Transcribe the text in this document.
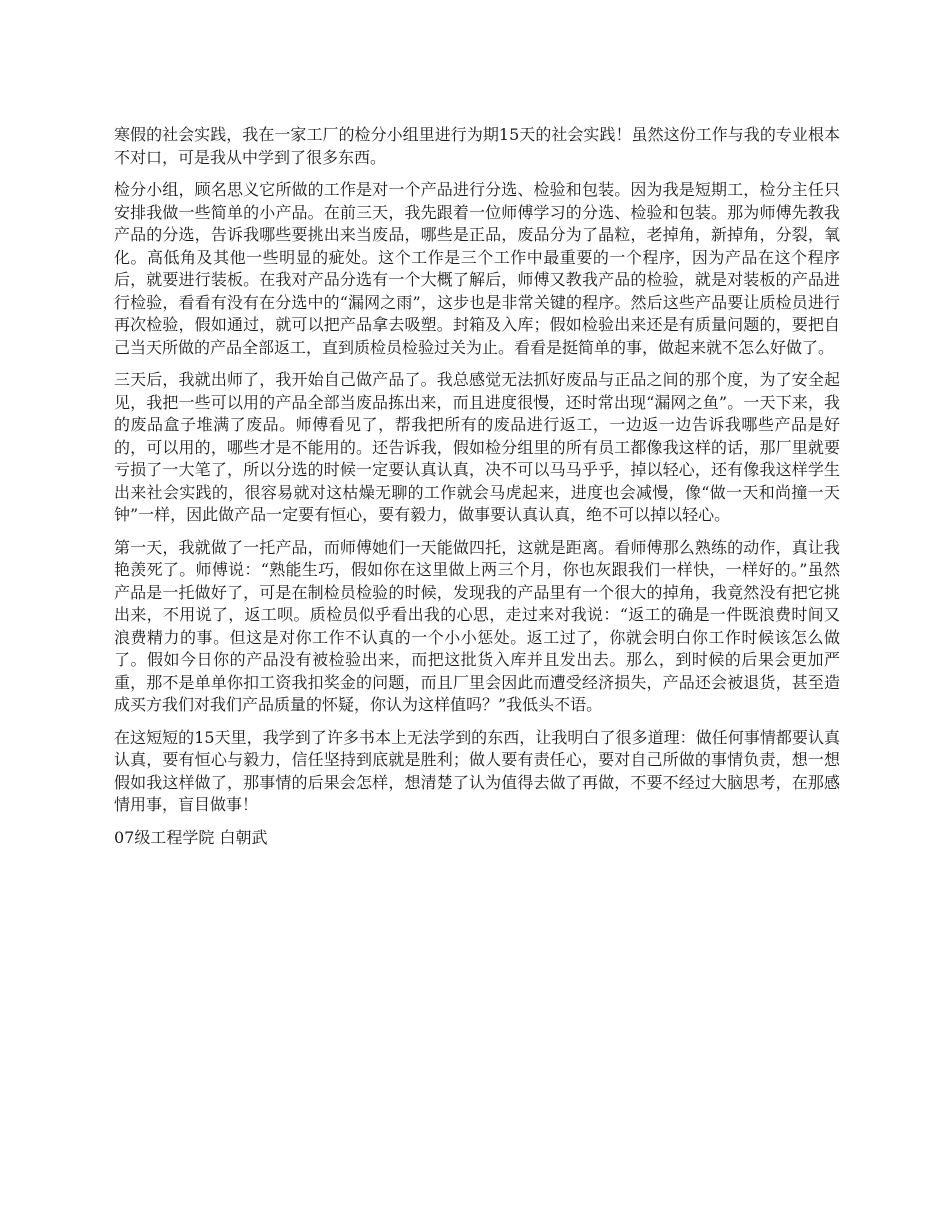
寒假的社会实践，我在一家工厂的检分小组里进行为期15天的社会实践！虽然这份工作与我的专业根本不对口，可是我从中学到了很多东西。

检分小组，顾名思义它所做的工作是对一个产品进行分选、检验和包装。因为我是短期工，检分主任只安排我做一些简单的小产品。在前三天，我先跟着一位师傅学习的分选、检验和包装。那为师傅先教我产品的分选，告诉我哪些要挑出来当废品，哪些是正品，废品分为了晶粒，老掉角，新掉角，分裂，氧化。高低角及其他一些明显的疵处。这个工作是三个工作中最重要的一个程序，因为产品在这个程序后，就要进行装板。在我对产品分选有一个大概了解后，师傅又教我产品的检验，就是对装板的产品进行检验，看看有没有在分选中的“漏网之雨”，这步也是非常关键的程序。然后这些产品要让质检员进行再次检验，假如通过，就可以把产品拿去吸塑。封箱及入库；假如检验出来还是有质量问题的，要把自己当天所做的产品全部返工，直到质检员检验过关为止。看看是挺简单的事，做起来就不怎么好做了。

三天后，我就出师了，我开始自己做产品了。我总感觉无法抓好废品与正品之间的那个度，为了安全起见，我把一些可以用的产品全部当废品拣出来，而且进度很慢，还时常出现“漏网之鱼”。一天下来，我的废品盒子堆满了废品。师傅看见了，帮我把所有的废品进行返工，一边返一边告诉我哪些产品是好的，可以用的，哪些才是不能用的。还告诉我，假如检分组里的所有员工都像我这样的话，那厂里就要亏损了一大笔了，所以分选的时候一定要认真认真，决不可以马马乎乎，掉以轻心，还有像我这样学生出来社会实践的，很容易就对这枯燥无聊的工作就会马虎起来，进度也会减慢，像“做一天和尚撞一天钟”一样，因此做产品一定要有恒心，要有毅力，做事要认真认真，绝不可以掉以轻心。

第一天，我就做了一托产品，而师傅她们一天能做四托，这就是距离。看师傅那么熟练的动作，真让我艳羡死了。师傅说：“熟能生巧，假如你在这里做上两三个月，你也灰跟我们一样快，一样好的。”虽然产品是一托做好了，可是在制检员检验的时候，发现我的产品里有一个很大的掉角，我竟然没有把它挑出来，不用说了，返工呗。质检员似乎看出我的心思，走过来对我说：“返工的确是一件既浪费时间又浪费精力的事。但这是对你工作不认真的一个小小惩处。返工过了，你就会明白你工作时候该怎么做了。假如今日你的产品没有被检验出来，而把这批货入库并且发出去。那么，到时候的后果会更加严重，那不是单单你扣工资我扣奖金的问题，而且厂里会因此而遭受经济损失，产品还会被退货，甚至造成买方我们对我们产品质量的怀疑，你认为这样值吗？”我低头不语。

在这短短的15天里，我学到了许多书本上无法学到的东西，让我明白了很多道理：做任何事情都要认真认真，要有恒心与毅力，信任坚持到底就是胜利；做人要有责任心，要对自己所做的事情负责，想一想假如我这样做了，那事情的后果会怎样，想清楚了认为值得去做了再做，不要不经过大脑思考，在那感情用事，盲目做事！

07级工程学院 白朝武
